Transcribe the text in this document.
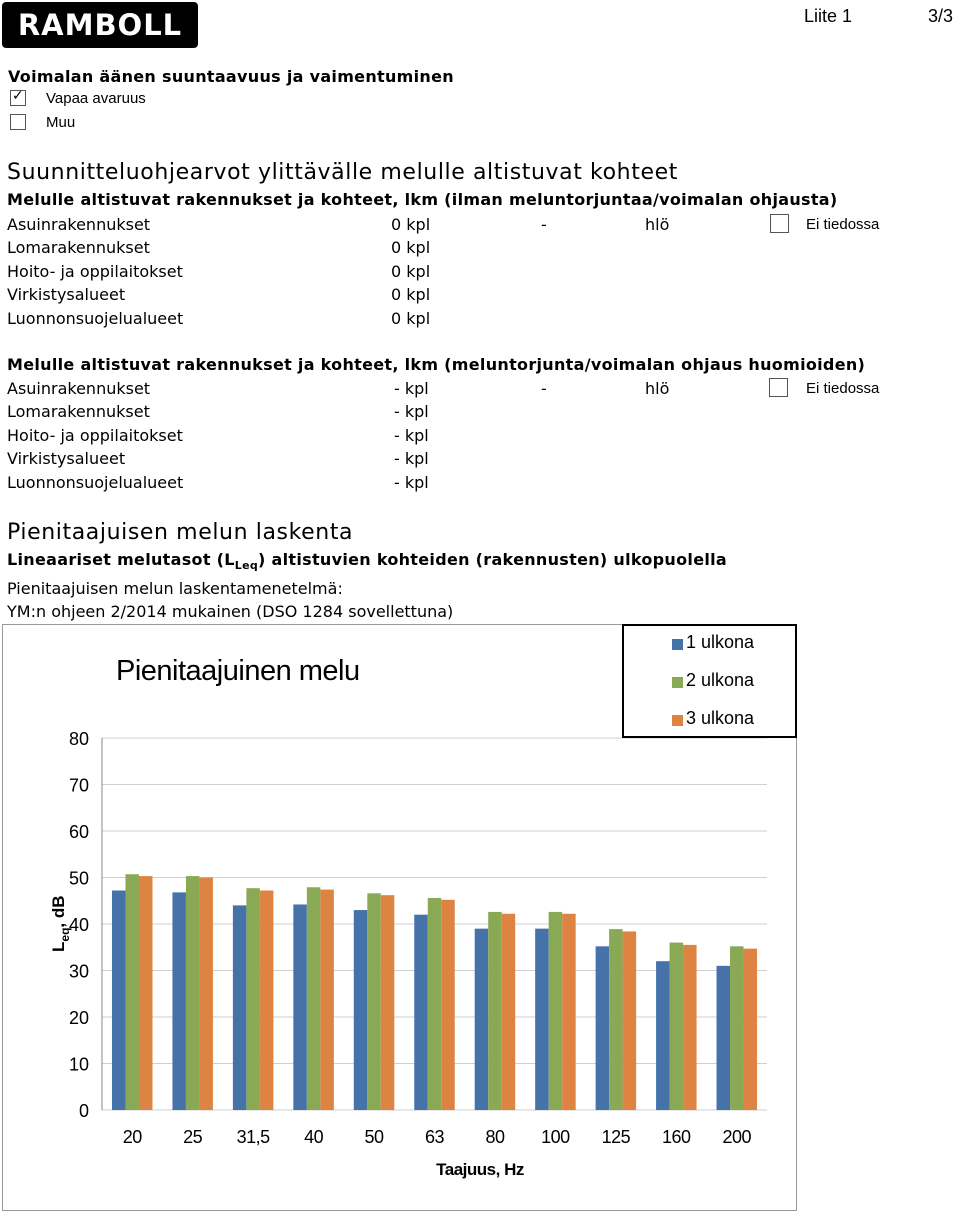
RAMBOLL	Liite 1	3/3
Voimalan äänen suuntaavuus ja vaimentuminen
✓
Vapaa avaruus
Muu
Suunnitteluohjearvot ylittävälle melulle altistuvat kohteet
Melulle altistuvat rakennukset ja kohteet, lkm (ilman meluntorjuntaa/voimalan ohjausta)
Asuinrakennukset	0 kpl	-	hlö	Ei tiedossa
Lomarakennukset	0 kpl
Hoito- ja oppilaitokset	0 kpl
Virkistysalueet	0 kpl
Luonnonsuojelualueet	0 kpl
Melulle altistuvat rakennukset ja kohteet, lkm (meluntorjunta/voimalan ohjaus huomioiden)
Asuinrakennukset	- kpl	-	hlö	Ei tiedossa
Lomarakennukset	- kpl
Hoito- ja oppilaitokset	- kpl
Virkistysalueet	- kpl
Luonnonsuojelualueet	- kpl
Pienitaajuisen melun laskenta
Lineaariset melutasot $(L_{Leq})$ altistuvien kohteiden (rakennusten) ulkopuolella
Pienitaajuisen melun laskentamenetelmä:
YM:n ohjeen 2/2014 mukainen (DSO 1284 sovellettuna)
Pienitaajuinen melu
0
10
20
30
40
50
60
70
80
20 25 31,5 40 50 63 80 100 125 160 200
Taajuus, Hz
$L_{eq}$, dB
1 ulkona
2 ulkona
3 ulkona
